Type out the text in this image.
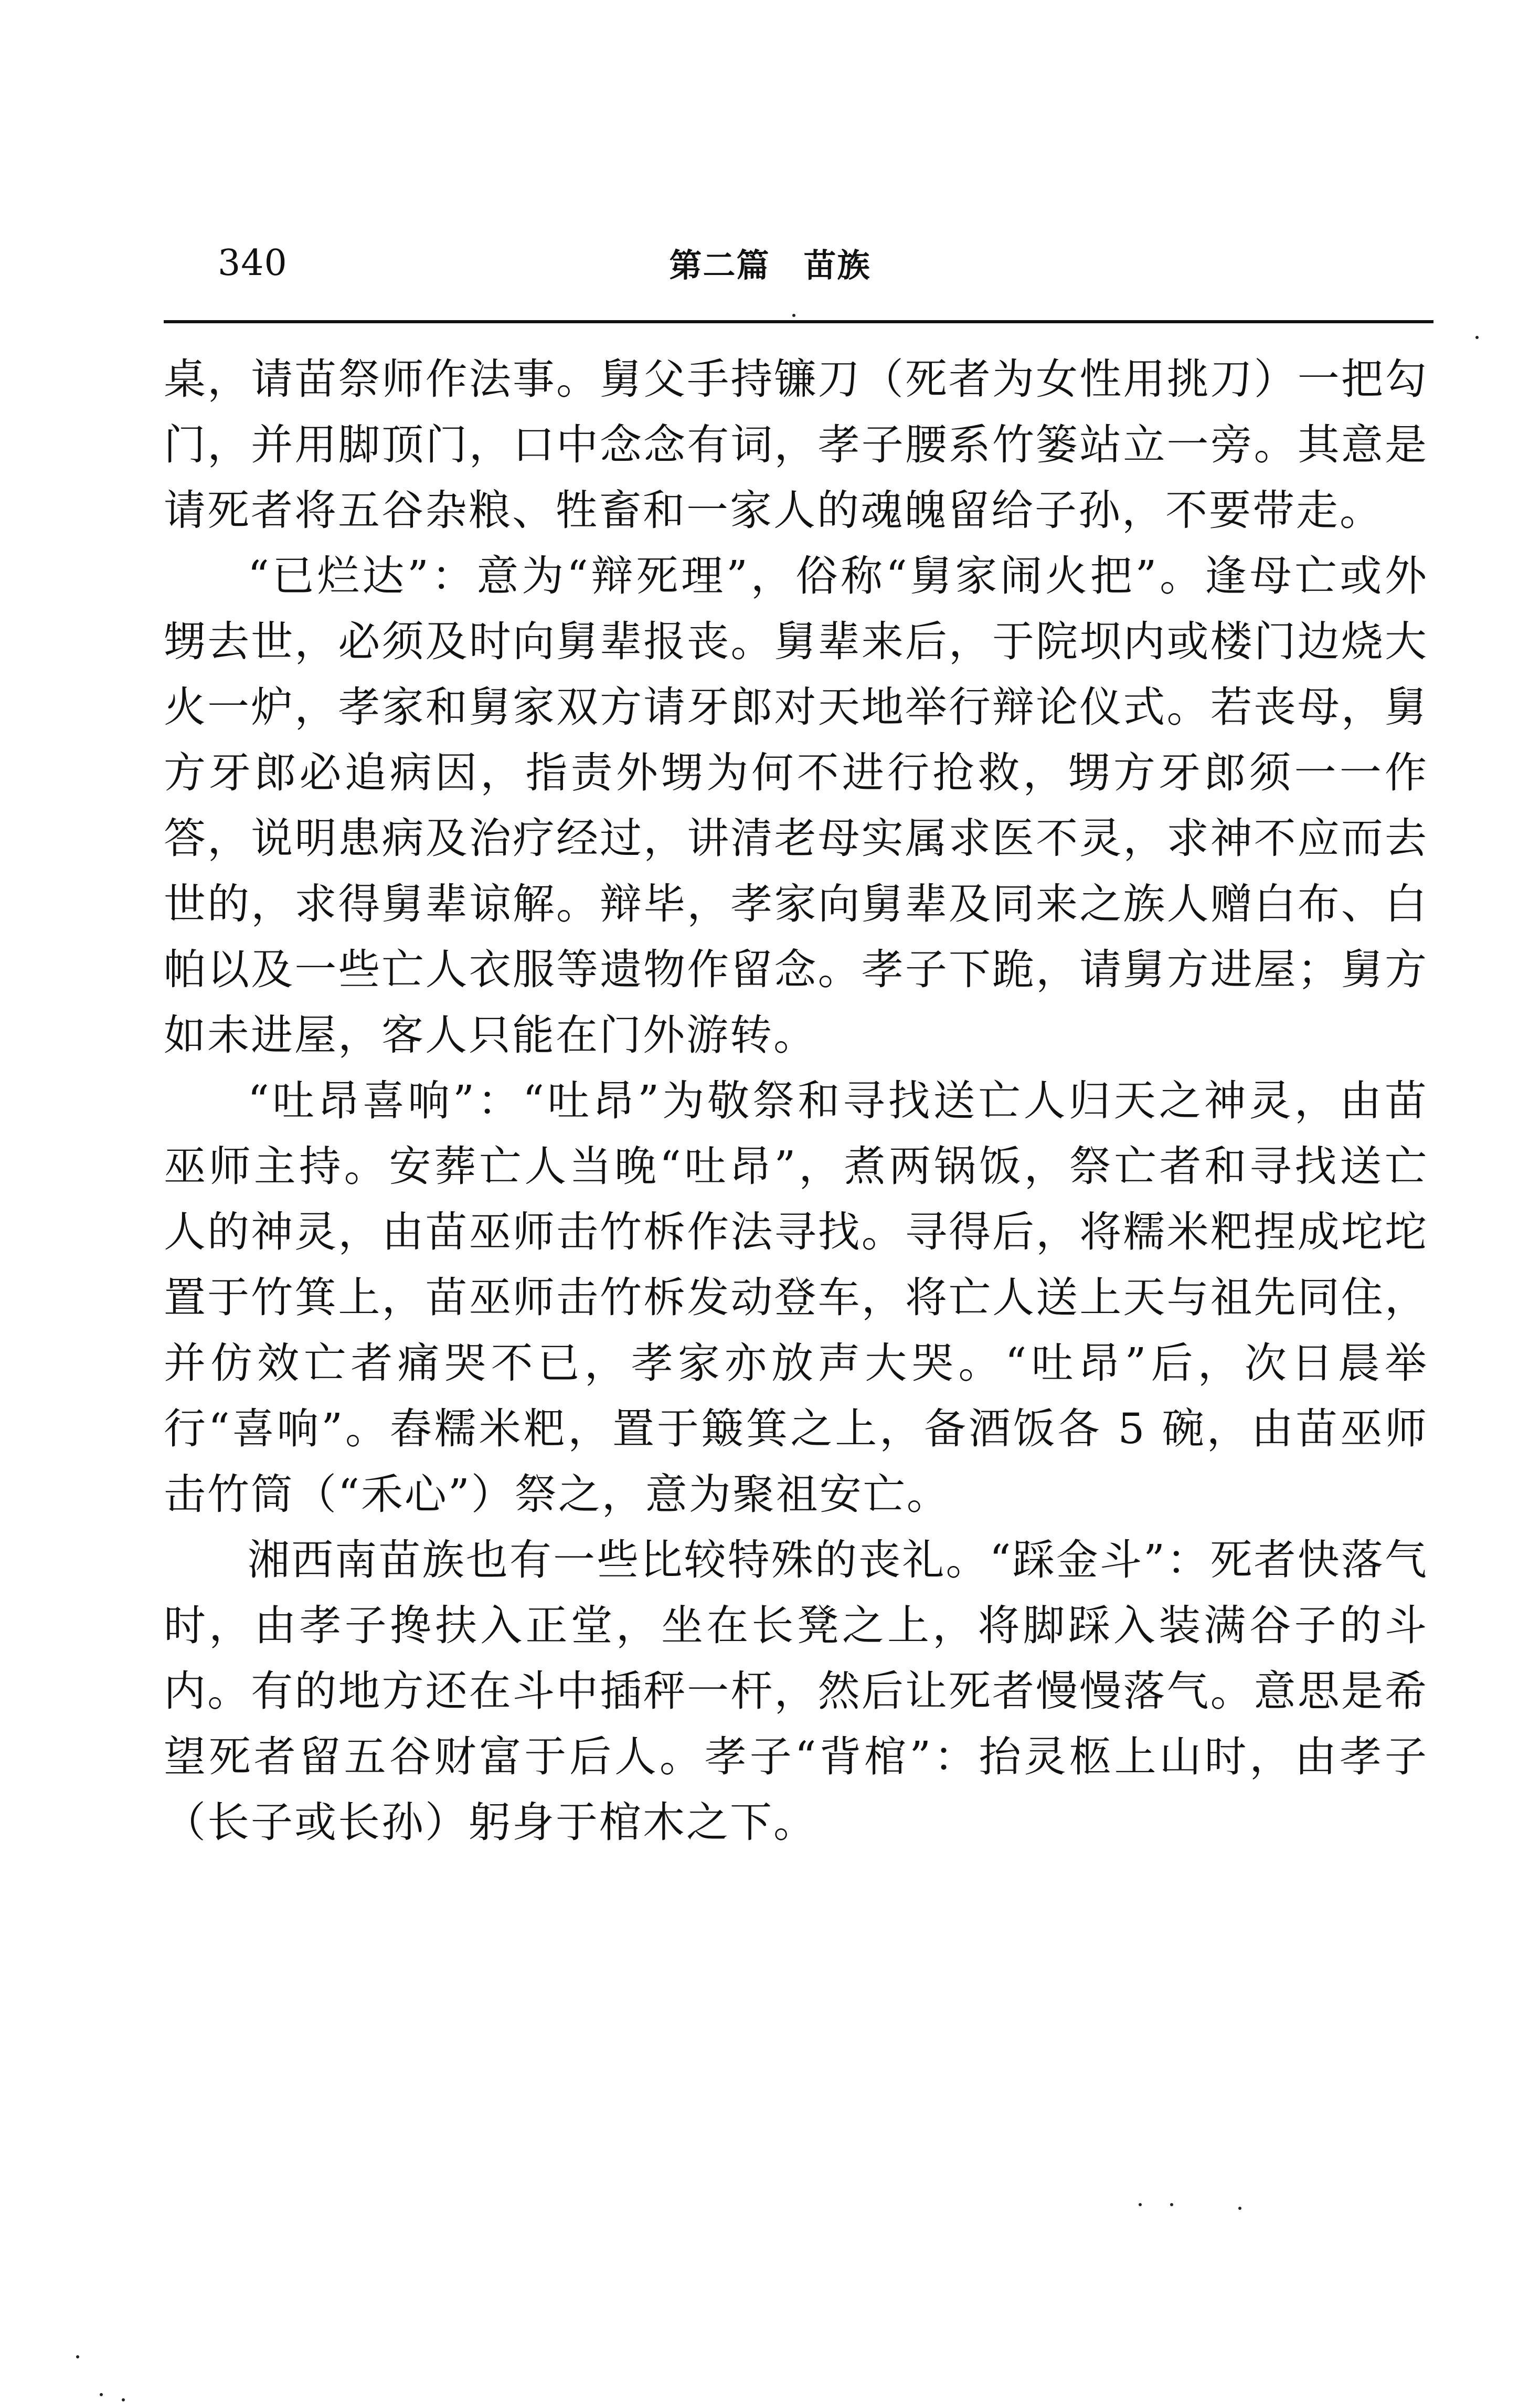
340	第二篇　苗族

桌，请苗祭师作法事。舅父手持镰刀（死者为女性用挑刀）一把勾门，并用脚顶门，口中念念有词，孝子腰系竹篓站立一旁。其意是请死者将五谷杂粮、牲畜和一家人的魂魄留给子孙，不要带走。

“已烂达”：意为“辩死理”，俗称“舅家闹火把”。逢母亡或外甥去世，必须及时向舅辈报丧。舅辈来后，于院坝内或楼门边烧大火一炉，孝家和舅家双方请牙郎对天地举行辩论仪式。若丧母，舅方牙郎必追病因，指责外甥为何不进行抢救，甥方牙郎须一一作答，说明患病及治疗经过，讲清老母实属求医不灵，求神不应而去世的，求得舅辈谅解。辩毕，孝家向舅辈及同来之族人赠白布、白帕以及一些亡人衣服等遗物作留念。孝子下跪，请舅方进屋；舅方如未进屋，客人只能在门外游转。

“吐昂喜响”：“吐昂”为敬祭和寻找送亡人归天之神灵，由苗巫师主持。安葬亡人当晚“吐昂”，煮两锅饭，祭亡者和寻找送亡人的神灵，由苗巫师击竹柝作法寻找。寻得后，将糯米粑捏成坨坨置于竹箕上，苗巫师击竹柝发动登车，将亡人送上天与祖先同住，并仿效亡者痛哭不已，孝家亦放声大哭。“吐昂”后，次日晨举行“喜响”。舂糯米粑，置于簸箕之上，备酒饭各 5 碗，由苗巫师击竹筒（“禾心”）祭之，意为聚祖安亡。

湘西南苗族也有一些比较特殊的丧礼。“踩金斗”：死者快落气时，由孝子搀扶入正堂，坐在长凳之上，将脚踩入装满谷子的斗内。有的地方还在斗中插秤一杆，然后让死者慢慢落气。意思是希望死者留五谷财富于后人。孝子“背棺”：抬灵柩上山时，由孝子（长子或长孙）躬身于棺木之下。
